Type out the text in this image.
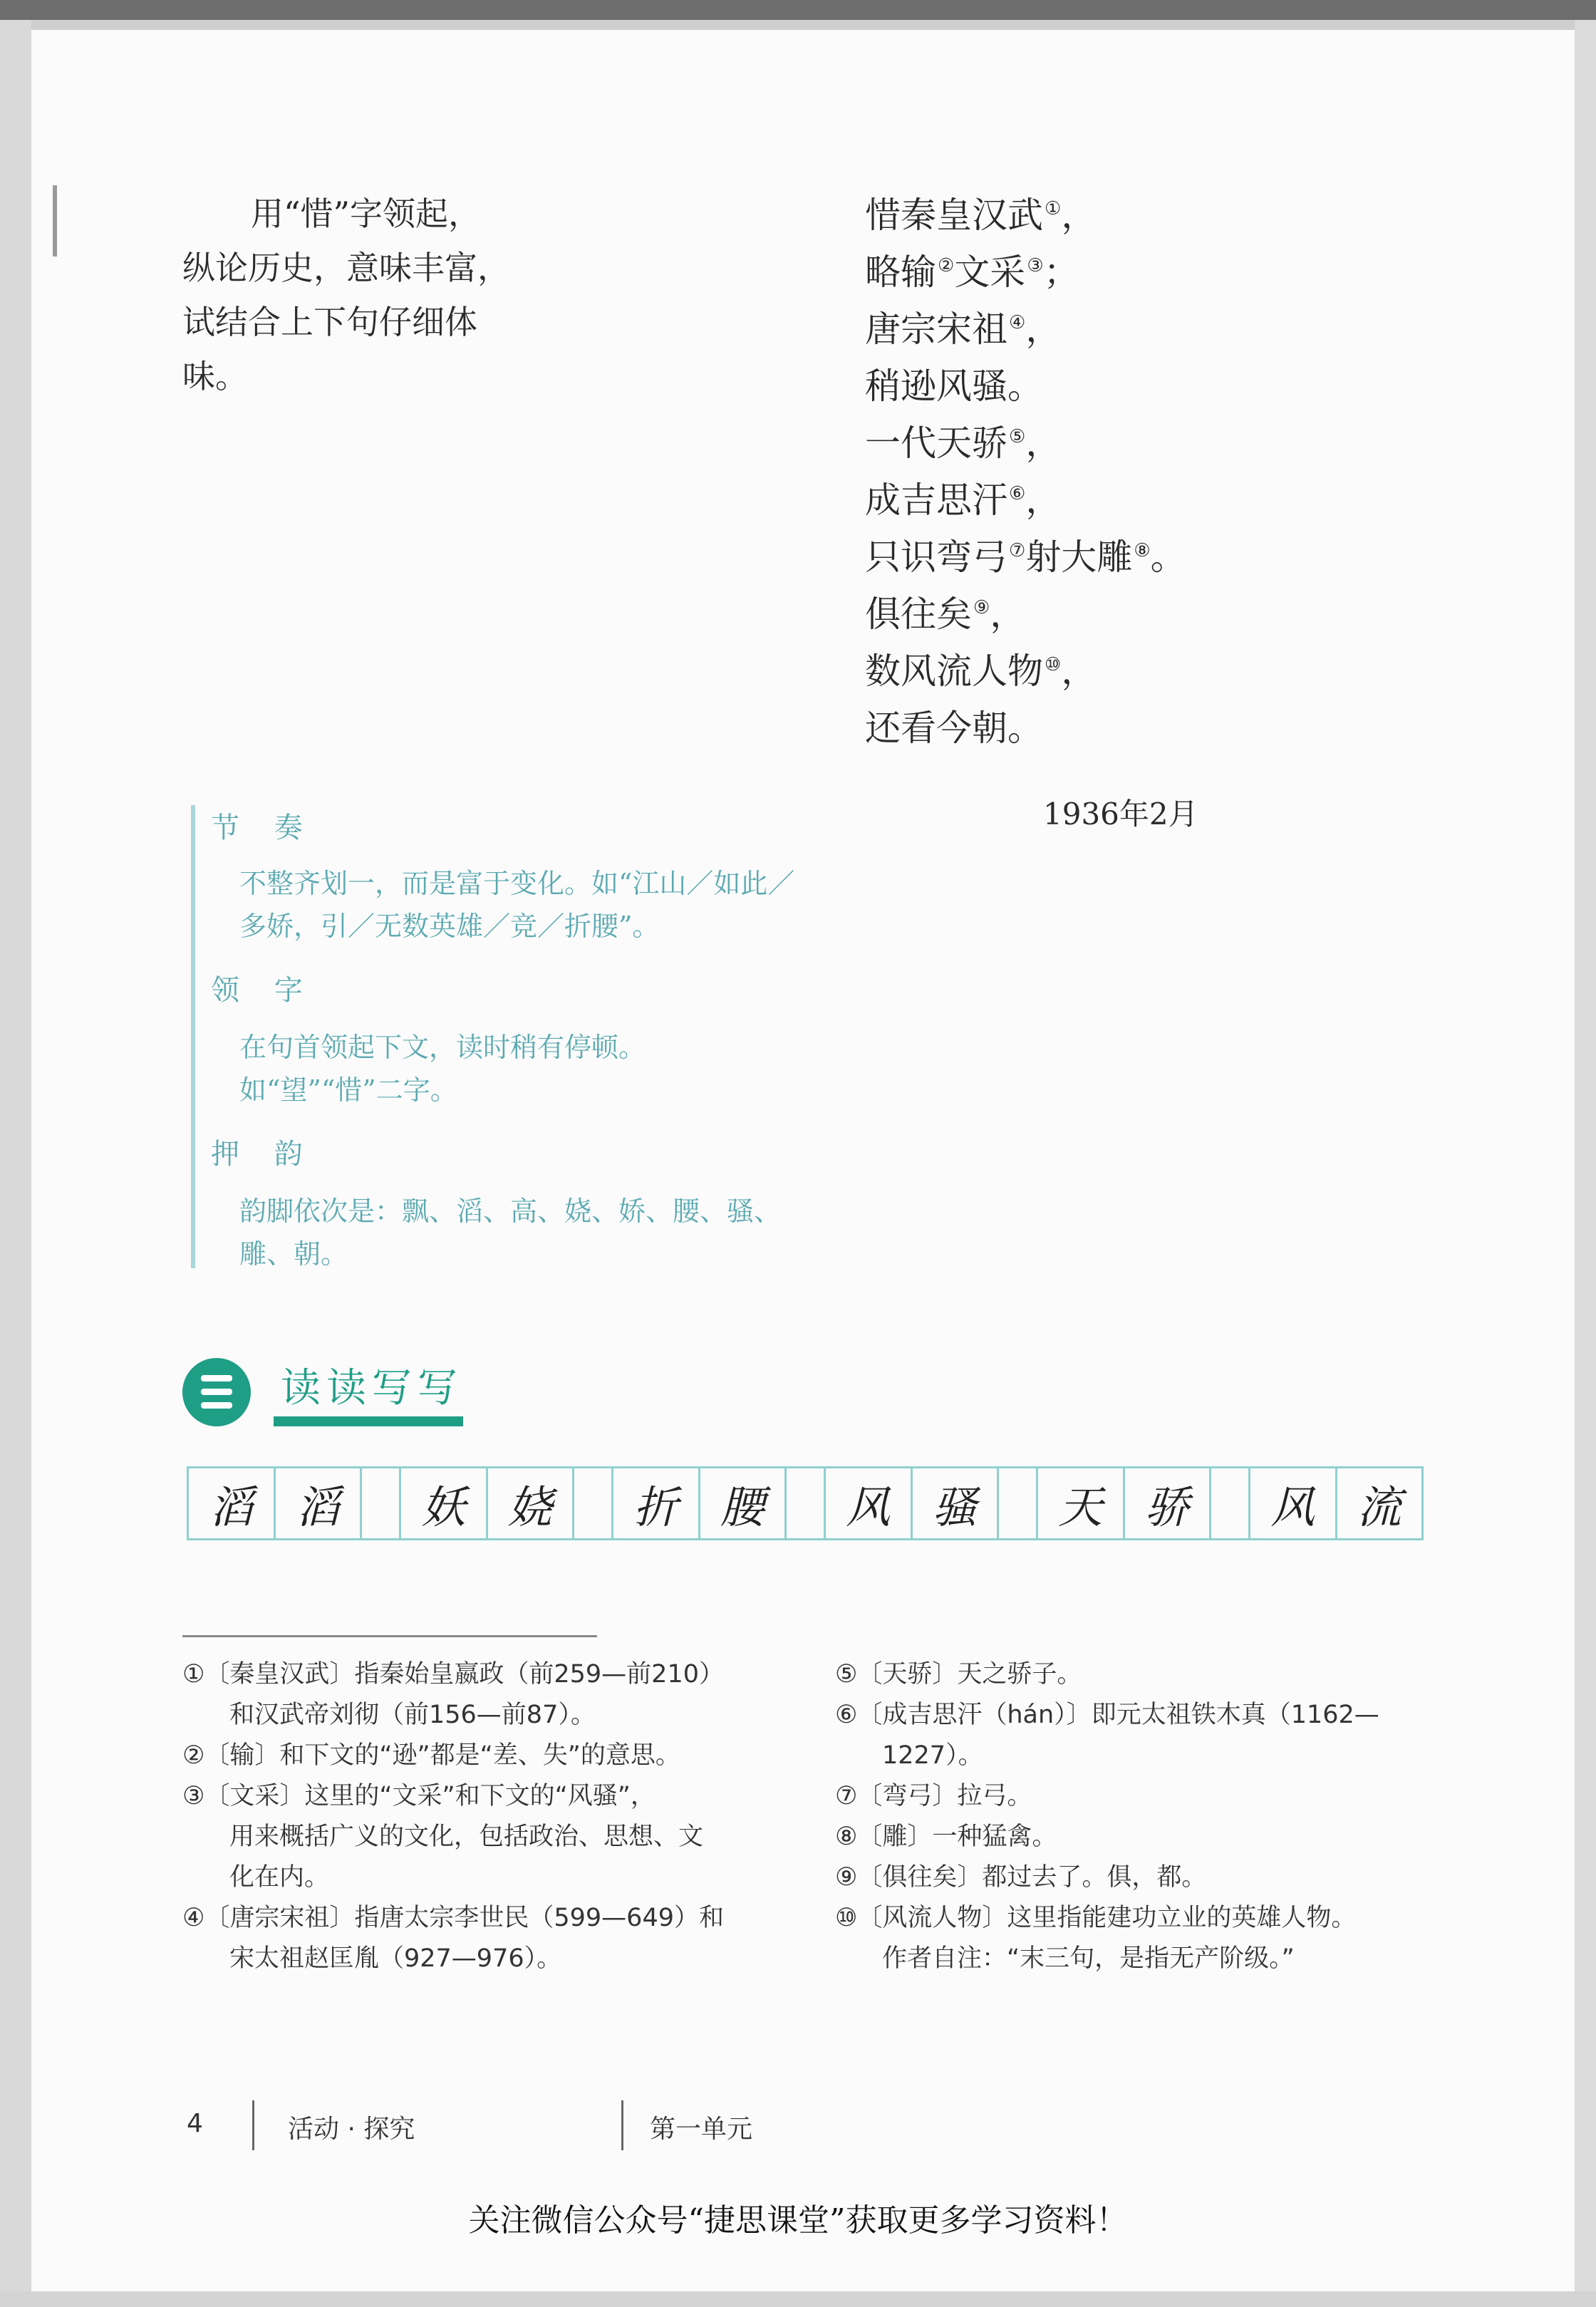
用“惜”字领起，

纵论历史，意味丰富，

试结合上下句仔细体

味。

惜秦皇汉武①，
略输②文采③；
唐宗宋祖④，
稍逊风骚。
一代天骄⑤，
成吉思汗⑥，
只识弯弓⑦射大雕⑧。
俱往矣⑨，
数风流人物⑩，
还看今朝。
1936年2月
节 奏
不整齐划一，而是富于变化。如“江山／如此／多娇，引／无数英雄／竞／折腰”。
领 字
在句首领起下文，读时稍有停顿。如“望”“惜”二字。
押 韵
韵脚依次是：飘、滔、高、娆、娇、腰、骚、雕、朝。
读读写写
滔 滔	妖 娆	折 腰	风 骚	天 骄	风 流

①〔秦皇汉武〕指秦始皇嬴政（前259—前210）

和汉武帝刘彻（前156—前87）。

②〔输〕和下文的“逊”都是“差、失”的意思。

③〔文采〕这里的“文采”和下文的“风骚”，

用来概括广义的文化，包括政治、思想、文

化在内。

④〔唐宗宋祖〕指唐太宗李世民（599—649）和

宋太祖赵匡胤（927—976）。

⑤〔天骄〕天之骄子。

⑥〔成吉思汗（hán）〕即元太祖铁木真（1162—

1227）。

⑦〔弯弓〕拉弓。

⑧〔雕〕一种猛禽。

⑨〔俱往矣〕都过去了。俱，都。

⑩〔风流人物〕这里指能建功立业的英雄人物。

作者自注：“末三句，是指无产阶级。”

4	活动 · 探究	第一单元
关注微信公众号“捷思课堂”获取更多学习资料！
